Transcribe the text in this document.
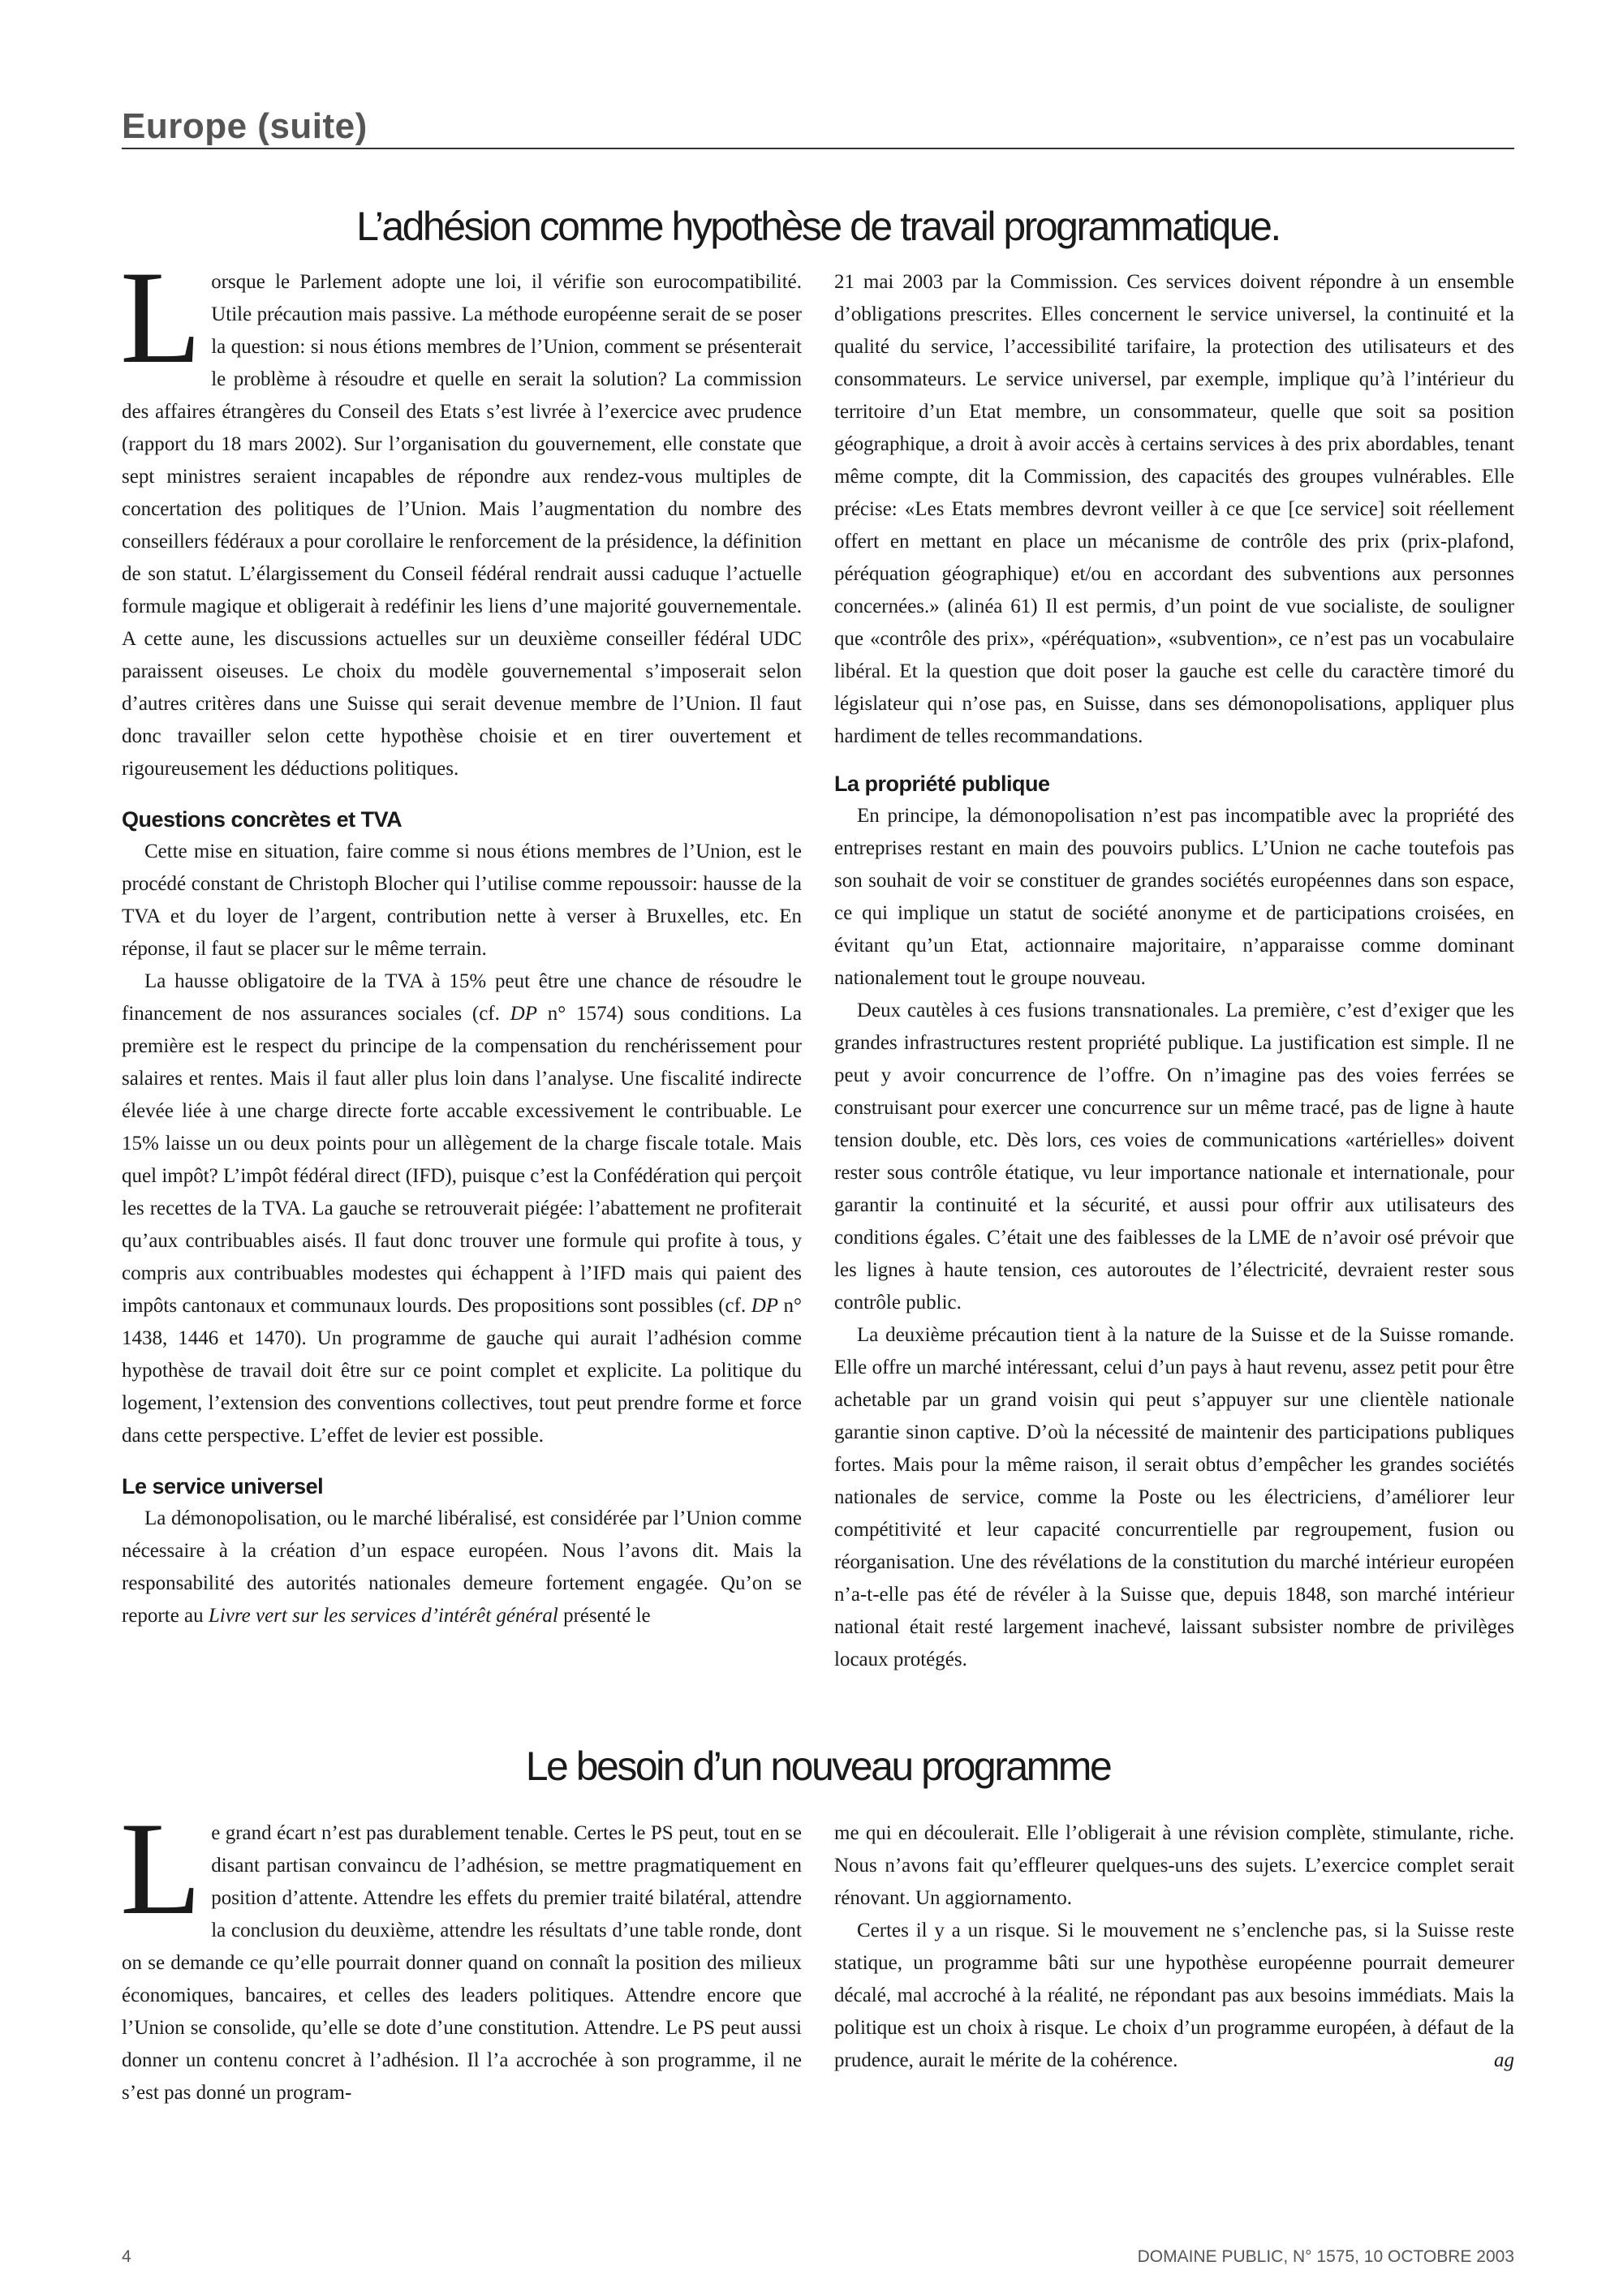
Europe (suite)
L’adhésion comme hypothèse de travail programmatique.

Lorsque le Parlement adopte une loi, il vérifie son eurocompatibilité. Utile précaution mais passive. La méthode européenne serait de se poser la question: si nous étions membres de l’Union, comment se présenterait le problème à résoudre et quelle en serait la solution? La commission des affaires étrangères du Conseil des Etats s’est livrée à l’exercice avec prudence (rapport du 18 mars 2002). Sur l’organisation du gouvernement, elle constate que sept ministres seraient incapables de répondre aux rendez-vous multiples de concertation des politiques de l’Union. Mais l’augmentation du nombre des conseillers fédéraux a pour corollaire le renforcement de la présidence, la définition de son statut. L’élargissement du Conseil fédéral rendrait aussi caduque l’actuelle formule magique et obligerait à redéfinir les liens d’une majorité gouvernementale. A cette aune, les discussions actuelles sur un deuxième conseiller fédéral UDC paraissent oiseuses. Le choix du modèle gouvernemental s’imposerait selon d’autres critères dans une Suisse qui serait devenue membre de l’Union. Il faut donc travailler selon cette hypothèse choisie et en tirer ouvertement et rigoureusement les déductions politiques.

Questions concrètes et TVA

Cette mise en situation, faire comme si nous étions membres de l’Union, est le procédé constant de Christoph Blocher qui l’utilise comme repoussoir: hausse de la TVA et du loyer de l’argent, contribution nette à verser à Bruxelles, etc. En réponse, il faut se placer sur le même terrain.

La hausse obligatoire de la TVA à 15% peut être une chance de résoudre le financement de nos assurances sociales (cf. DP n° 1574) sous conditions. La première est le respect du principe de la compensation du renchérissement pour salaires et rentes. Mais il faut aller plus loin dans l’analyse. Une fiscalité indirecte élevée liée à une charge directe forte accable excessivement le contribuable. Le 15% laisse un ou deux points pour un allègement de la charge fiscale totale. Mais quel impôt? L’impôt fédéral direct (IFD), puisque c’est la Confédération qui perçoit les recettes de la TVA. La gauche se retrouverait piégée: l’abattement ne profiterait qu’aux contribuables aisés. Il faut donc trouver une formule qui profite à tous, y compris aux contribuables modestes qui échappent à l’IFD mais qui paient des impôts cantonaux et communaux lourds. Des propositions sont possibles (cf. DP n° 1438, 1446 et 1470). Un programme de gauche qui aurait l’adhésion comme hypothèse de travail doit être sur ce point complet et explicite. La politique du logement, l’extension des conventions collectives, tout peut prendre forme et force dans cette perspective. L’effet de levier est possible.

Le service universel

La démonopolisation, ou le marché libéralisé, est considérée par l’Union comme nécessaire à la création d’un espace européen. Nous l’avons dit. Mais la responsabilité des autorités nationales demeure fortement engagée. Qu’on se reporte au Livre vert sur les services d’intérêt général présenté le

21 mai 2003 par la Commission. Ces services doivent répondre à un ensemble d’obligations prescrites. Elles concernent le service universel, la continuité et la qualité du service, l’accessibilité tarifaire, la protection des utilisateurs et des consommateurs. Le service universel, par exemple, implique qu’à l’intérieur du territoire d’un Etat membre, un consommateur, quelle que soit sa position géographique, a droit à avoir accès à certains services à des prix abordables, tenant même compte, dit la Commission, des capacités des groupes vulnérables. Elle précise: «Les Etats membres devront veiller à ce que [ce service] soit réellement offert en mettant en place un mécanisme de contrôle des prix (prix-plafond, péréquation géographique) et/ou en accordant des subventions aux personnes concernées.» (alinéa 61) Il est permis, d’un point de vue socialiste, de souligner que «contrôle des prix», «péréquation», «subvention», ce n’est pas un vocabulaire libéral. Et la question que doit poser la gauche est celle du caractère timoré du législateur qui n’ose pas, en Suisse, dans ses démonopolisations, appliquer plus hardiment de telles recommandations.

La propriété publique

En principe, la démonopolisation n’est pas incompatible avec la propriété des entreprises restant en main des pouvoirs publics. L’Union ne cache toutefois pas son souhait de voir se constituer de grandes sociétés européennes dans son espace, ce qui implique un statut de société anonyme et de participations croisées, en évitant qu’un Etat, actionnaire majoritaire, n’apparaisse comme dominant nationalement tout le groupe nouveau.

Deux cautèles à ces fusions transnationales. La première, c’est d’exiger que les grandes infrastructures restent propriété publique. La justification est simple. Il ne peut y avoir concurrence de l’offre. On n’imagine pas des voies ferrées se construisant pour exercer une concurrence sur un même tracé, pas de ligne à haute tension double, etc. Dès lors, ces voies de communications «artérielles» doivent rester sous contrôle étatique, vu leur importance nationale et internationale, pour garantir la continuité et la sécurité, et aussi pour offrir aux utilisateurs des conditions égales. C’était une des faiblesses de la LME de n’avoir osé prévoir que les lignes à haute tension, ces autoroutes de l’électricité, devraient rester sous contrôle public.

La deuxième précaution tient à la nature de la Suisse et de la Suisse romande. Elle offre un marché intéressant, celui d’un pays à haut revenu, assez petit pour être achetable par un grand voisin qui peut s’appuyer sur une clientèle nationale garantie sinon captive. D’où la nécessité de maintenir des participations publiques fortes. Mais pour la même raison, il serait obtus d’empêcher les grandes sociétés nationales de service, comme la Poste ou les électriciens, d’améliorer leur compétitivité et leur capacité concurrentielle par regroupement, fusion ou réorganisation. Une des révélations de la constitution du marché intérieur européen n’a-t-elle pas été de révéler à la Suisse que, depuis 1848, son marché intérieur national était resté largement inachevé, laissant subsister nombre de privilèges locaux protégés.

Le besoin d’un nouveau programme

Le grand écart n’est pas durablement tenable. Certes le PS peut, tout en se disant partisan convaincu de l’adhésion, se mettre pragmatiquement en position d’attente. Attendre les effets du premier traité bilatéral, attendre la conclusion du deuxième, attendre les résultats d’une table ronde, dont on se demande ce qu’elle pourrait donner quand on connaît la position des milieux économiques, bancaires, et celles des leaders politiques. Attendre encore que l’Union se consolide, qu’elle se dote d’une constitution. Attendre. Le PS peut aussi donner un contenu concret à l’adhésion. Il l’a accrochée à son programme, il ne s’est pas donné un program-

me qui en découlerait. Elle l’obligerait à une révision complète, stimulante, riche. Nous n’avons fait qu’effleurer quelques-uns des sujets. L’exercice complet serait rénovant. Un aggiornamento.

Certes il y a un risque. Si le mouvement ne s’enclenche pas, si la Suisse reste statique, un programme bâti sur une hypothèse européenne pourrait demeurer décalé, mal accroché à la réalité, ne répondant pas aux besoins immédiats. Mais la politique est un choix à risque. Le choix d’un programme européen, à défaut de la prudence, aurait le mérite de la cohérence.	ag

4	DOMAINE PUBLIC, N° 1575, 10 OCTOBRE 2003
